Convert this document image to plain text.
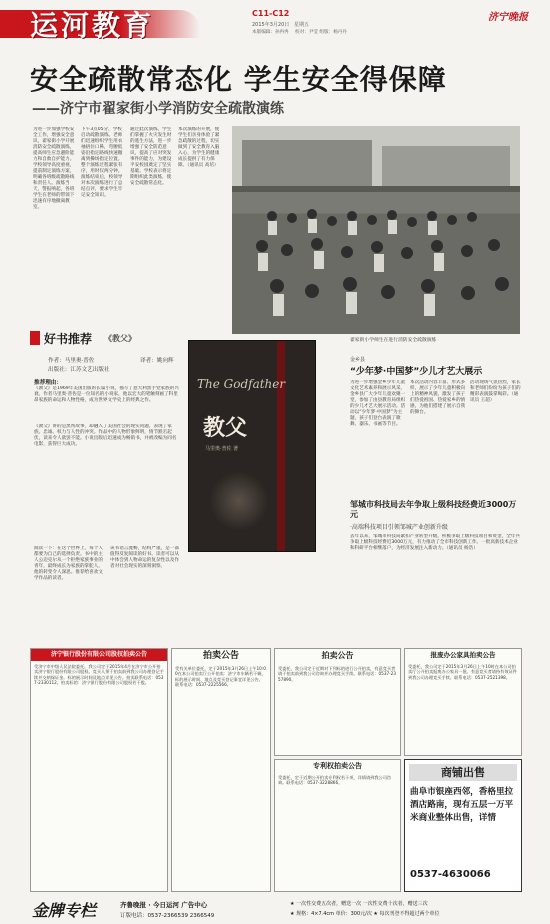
运河教育	C11-C12
2015年3月20日 星期五
本版编辑：孙冉冉 校对：尹莹 组版：杨丹丹
济宁晚报
安全疏散常态化 学生安全得保障
——济宁市翟家街小学消防安全疏散演练
为进一步加强学校安全工作，增强安全意识，翟家街小学开展消防安全疏散演练，提高师生应急避险能力和自救自护能力。学校领导高度重视，提前制定演练方案，明确各班级疏散路线和责任人。演练当天，警报响起，各班学生在老师的带领下迅速有序地撤离教室。
下午3点05分，学校启动疏散演练。老师们迅速组织学生用衣袖捂住口鼻，弯腰低姿沿指定路线快速撤离到操场指定位置。整个演练过程紧张有序，用时仅两分钟。演练结束后，校领导对本次演练进行了总结点评，要求学生牢记安全知识。
通过此次演练，学生们掌握了火灾发生时的逃生方法，进一步增强了安全防范意识，提高了应对突发事件的能力，为建设平安校园奠定了坚实基础。学校表示将定期组织此类演练，使安全疏散常态化。
本次演练的开展，使学生们亲身体验了紧急疏散的过程，切实做到了安全教育入脑入心，为学生的健康成长提供了有力保障。（通讯员 高培）
翟家街小学师生在进行消防安全疏散演练
好书推荐 《教父》
作者：马里奥·普佐	译者：姚向辉
出版社：江苏文艺出版社
推荐理由：
《教父》是1969年美国出版的长篇小说，描写了意大利黑手党家族的兴衰。作者马里奥·普佐是一位知名的小说家，他以宏大的笔触刻画了科里昂家族的命运和人物性格，成为世界文学史上的经典之作。
《教父》讲的是黑帮故事，却融入了美国社会的现实问题，表现了家族、忠诚、权力与人性的冲突。作品中的人物形象鲜明，情节跌宕起伏，读来令人欲罢不能。小说出版后迅速成为畅销书，并被改编为同名电影，获得巨大成功。
阅读一下：在这个世界上，每个人都要为自己的选择负责。书中的主人公迈克尔从一个拒绝家族事业的青年，最终成长为家族的掌舵人，他的转变令人深思。推荐给喜欢文学作品的读者。
该书语言流畅，结构严谨，是一部值得反复阅读的好书。读者可以从中体会到人物命运的复杂性以及作者对社会现实的深刻洞察。
The Godfather
教父
马里奥·普佐 著
金乡县
“少年梦·中国梦”少儿才艺大展示
为进一步增强金乡少年儿童文化艺术素养和展示风采，金乡县广大少年儿童欢聚一堂，参加了由县教育局组织的少儿才艺大展示活动。活动以“少年梦·中国梦”为主题，孩子们登台表演了歌舞、器乐、书画等节目。
本次活动内容丰富、形式多样，展示了少年儿童积极向上的精神风貌，激发了孩子们热爱祖国、热爱家乡的情感，为他们搭建了展示自我的舞台。
活动现场气氛热烈，家长和老师们纷纷为孩子们的精彩表演鼓掌喝彩。（通讯员 王超）
邹城市科技局去年争取上级科技经费近3000万元
·高端科技项目引领邹城产业创新升级
去年以来，邹城市科技局紧扣产业转型升级，积极争取上级科技项目和资金，全年共争取上级科技经费近3000万元，有力推动了全市科技创新工作。一批高新技术企业和科研平台相继落户，为经济发展注入新动力。（通讯员 杨浩）
济宁银行股份有限公司股权拍卖公告
受济宁市中级人民法院委托，我公司定于2015年4月在济宁市公开拍卖济宁银行股份有限公司股权。竞买人须于拍卖前到我公司办理登记手续并交纳保证金。标的展示时间及地点详见公告。拍卖联系电话：0537-2330112。拍卖标的：济宁银行股份有限公司股权若干股。
拍卖公告
受有关单位委托，定于2015年3月26日上午10:00在本公司拍卖厅公开拍卖：济宁市车辆若干辆，标的展示时间、地点及竞买登记事宜详见公告。联系电话：0537-2225566。
拍卖公告
受委托，我公司定于近期对下列标的进行公开拍卖，有意竞买者请于拍卖前到我公司咨询并办理竞买手续。联系电话：0537-2357890。
专利权拍卖公告
受委托，定于近期公开拍卖专利权若干项，详情请到我公司咨询。联系电话：0537-3228866。
报废办公家具拍卖公告
受委托，我公司定于2015年3月26日上午10时在本公司拍卖厅公开拍卖报废办公家具一批。有意竞买者请持有效证件到我公司办理竞买手续。联系电话：0537-2521398。
商铺出售
曲阜市银座西邻，香格里拉酒店路南，现有五层一万平米商业整体出售，详情
0537-4630066
金牌专栏	齐鲁晚报 · 今日运河 广告中心
订版电话：0537-2366539 2366549
★ 一次性交费五次者，赠送一次 一次性交费十次者，赠送三次
★ 规格：4×7.4cm 单价：300元/次 ★ 每次刊登不得超过两个单位
